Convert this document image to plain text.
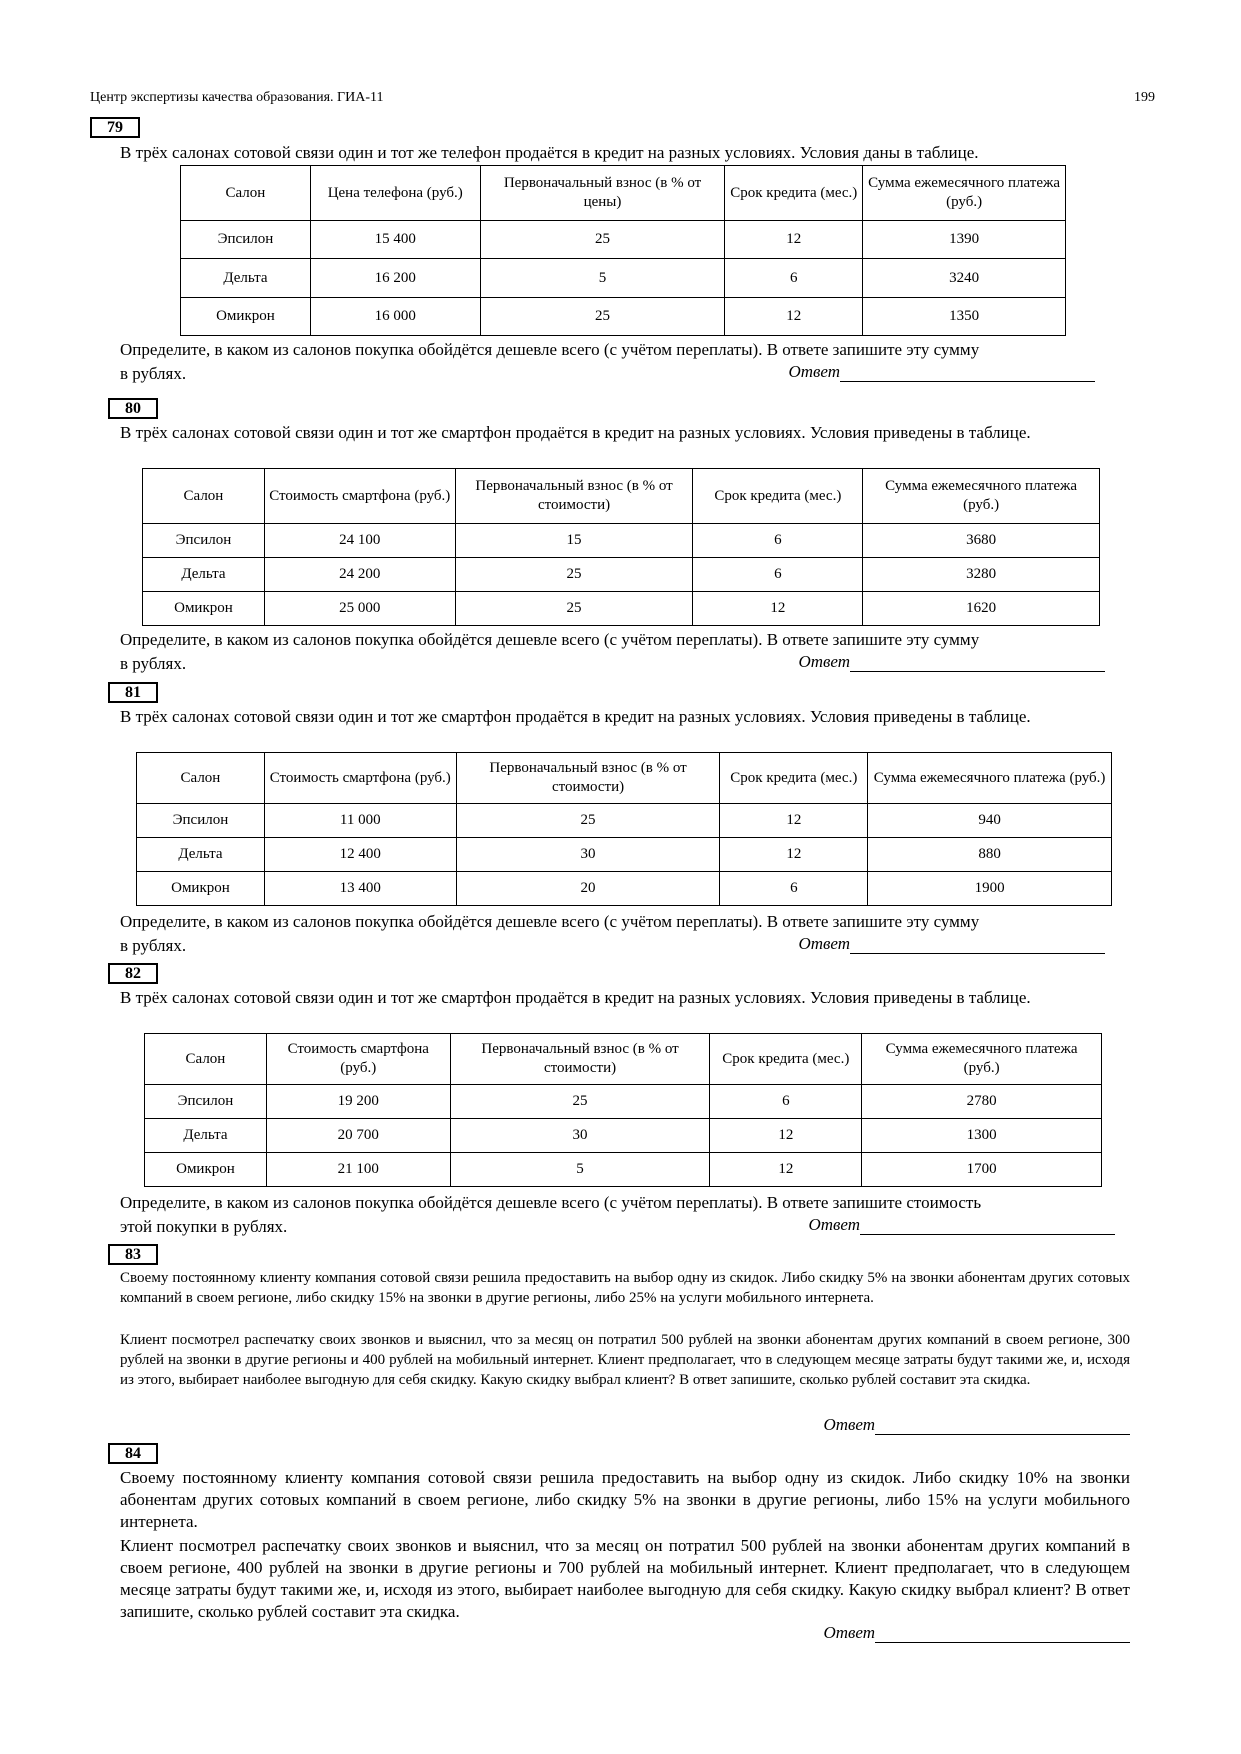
Центр экспертизы качества образования. ГИА-11	199
79

В трёх салонах сотовой связи один и тот же телефон продаётся в кредит на разных условиях. Условия даны в таблице.

Салон	Цена телефона (руб.)	Первоначальный взнос (в % от цены)	Срок кредита (мес.)	Сумма ежемесячного платежа (руб.)
Эпсилон	15 400	25	12	1390
Дельта	16 200	5	6	3240
Омикрон	16 000	25	12	1350

Определите, в каком из салонов покупка обойдётся дешевле всего (с учётом переплаты). В ответе запишите эту сумму

в рублях.	Ответ
80

В трёх салонах сотовой связи один и тот же смартфон продаётся в кредит на разных условиях. Условия приведены в таблице.

Салон	Стоимость смартфона (руб.)	Первоначальный взнос (в % от стоимости)	Срок кредита (мес.)	Сумма ежемесячного платежа (руб.)
Эпсилон	24 100	15	6	3680
Дельта	24 200	25	6	3280
Омикрон	25 000	25	12	1620

Определите, в каком из салонов покупка обойдётся дешевле всего (с учётом переплаты). В ответе запишите эту сумму

в рублях.	Ответ
81

В трёх салонах сотовой связи один и тот же смартфон продаётся в кредит на разных условиях. Условия приведены в таблице.

Салон	Стоимость смартфона (руб.)	Первоначальный взнос (в % от стоимости)	Срок кредита (мес.)	Сумма ежемесячного платежа (руб.)
Эпсилон	11 000	25	12	940
Дельта	12 400	30	12	880
Омикрон	13 400	20	6	1900

Определите, в каком из салонов покупка обойдётся дешевле всего (с учётом переплаты). В ответе запишите эту сумму

в рублях.	Ответ
82

В трёх салонах сотовой связи один и тот же смартфон продаётся в кредит на разных условиях. Условия приведены в таблице.

Салон	Стоимость смартфона (руб.)	Первоначальный взнос (в % от стоимости)	Срок кредита (мес.)	Сумма ежемесячного платежа (руб.)
Эпсилон	19 200	25	6	2780
Дельта	20 700	30	12	1300
Омикрон	21 100	5	12	1700

Определите, в каком из салонов покупка обойдётся дешевле всего (с учётом переплаты). В ответе запишите стоимость

этой покупки в рублях.	Ответ
83

Своему постоянному клиенту компания сотовой связи решила предоставить на выбор одну из скидок. Либо скидку 5% на звонки абонентам других сотовых компаний в своем регионе, либо скидку 15% на звонки в другие регионы, либо 25% на услуги мобильного интернета.

Клиент посмотрел распечатку своих звонков и выяснил, что за месяц он потратил 500 рублей на звонки абонентам других компаний в своем регионе, 300 рублей на звонки в другие регионы и 400 рублей на мобильный интернет. Клиент предполагает, что в следующем месяце затраты будут такими же, и, исходя из этого, выбирает наиболее выгодную для себя скидку. Какую скидку выбрал клиент? В ответ запишите, сколько рублей составит эта скидка.

Ответ
84

Своему постоянному клиенту компания сотовой связи решила предоставить на выбор одну из скидок. Либо скидку 10% на звонки абонентам других сотовых компаний в своем регионе, либо скидку 5% на звонки в другие регионы, либо 15% на услуги мобильного интернета.

Клиент посмотрел распечатку своих звонков и выяснил, что за месяц он потратил 500 рублей на звонки абонентам других компаний в своем регионе, 400 рублей на звонки в другие регионы и 700 рублей на мобильный интернет. Клиент предполагает, что в следующем месяце затраты будут такими же, и, исходя из этого, выбирает наиболее выгодную для себя скидку. Какую скидку выбрал клиент? В ответ запишите, сколько рублей составит эта скидка.

Ответ
